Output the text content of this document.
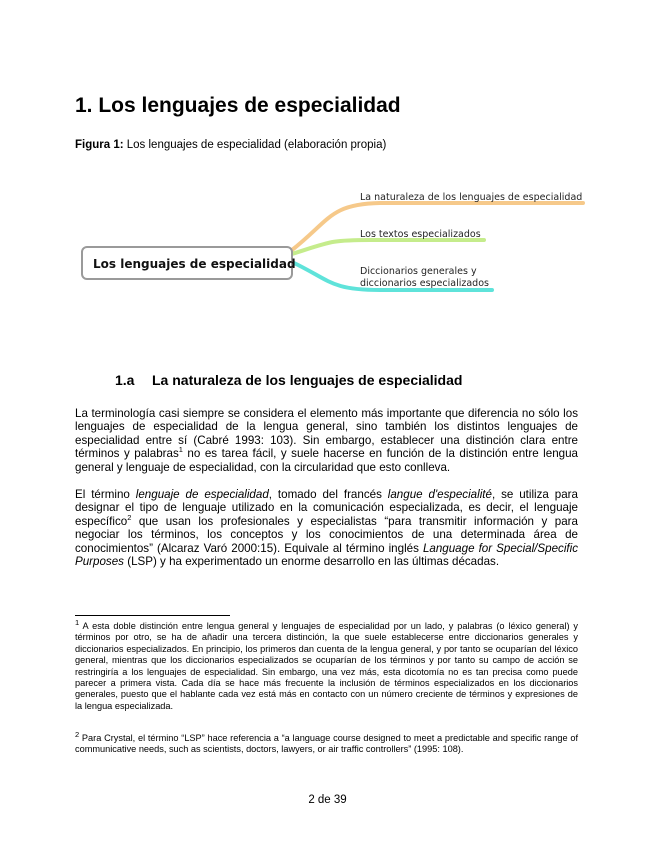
1. Los lenguajes de especialidad
Figura 1: Los lenguajes de especialidad (elaboración propia)
Los lenguajes de especialidad
La naturaleza de los lenguajes de especialidad
Los textos especializados
Diccionarios generales y
diccionarios especializados
1.a La naturaleza de los lenguajes de especialidad

La terminología casi siempre se considera el elemento más importante que diferencia no sólo los lenguajes de especialidad de la lengua general, sino también los distintos lenguajes de especialidad entre sí (Cabré 1993: 103). Sin embargo, establecer una distinción clara entre términos y palabras$^1$ no es tarea fácil, y suele hacerse en función de la distinción entre lengua general y lenguaje de especialidad, con la circularidad que esto conlleva.

El término lenguaje de especialidad, tomado del francés langue d'especialité, se utiliza para designar el tipo de lenguaje utilizado en la comunicación especializada, es decir, el lenguaje específico$^2$ que usan los profesionales y especialistas “para transmitir información y para negociar los términos, los conceptos y los conocimientos de una determinada área de conocimientos” (Alcaraz Varó 2000:15). Equivale al término inglés Language for Special/Specific Purposes (LSP) y ha experimentado un enorme desarrollo en las últimas décadas.

$^1$ A esta doble distinción entre lengua general y lenguajes de especialidad por un lado, y palabras (o léxico general) y términos por otro, se ha de añadir una tercera distinción, la que suele establecerse entre diccionarios generales y diccionarios especializados. En principio, los primeros dan cuenta de la lengua general, y por tanto se ocuparían del léxico general, mientras que los diccionarios especializados se ocuparían de los términos y por tanto su campo de acción se restringiría a los lenguajes de especialidad. Sin embargo, una vez más, esta dicotomía no es tan precisa como puede parecer a primera vista. Cada día se hace más frecuente la inclusión de términos especializados en los diccionarios generales, puesto que el hablante cada vez está más en contacto con un número creciente de términos y expresiones de la lengua especializada.

$^2$ Para Crystal, el término “LSP” hace referencia a “a language course designed to meet a predictable and specific range of communicative needs, such as scientists, doctors, lawyers, or air traffic controllers” (1995: 108).

2 de 39
